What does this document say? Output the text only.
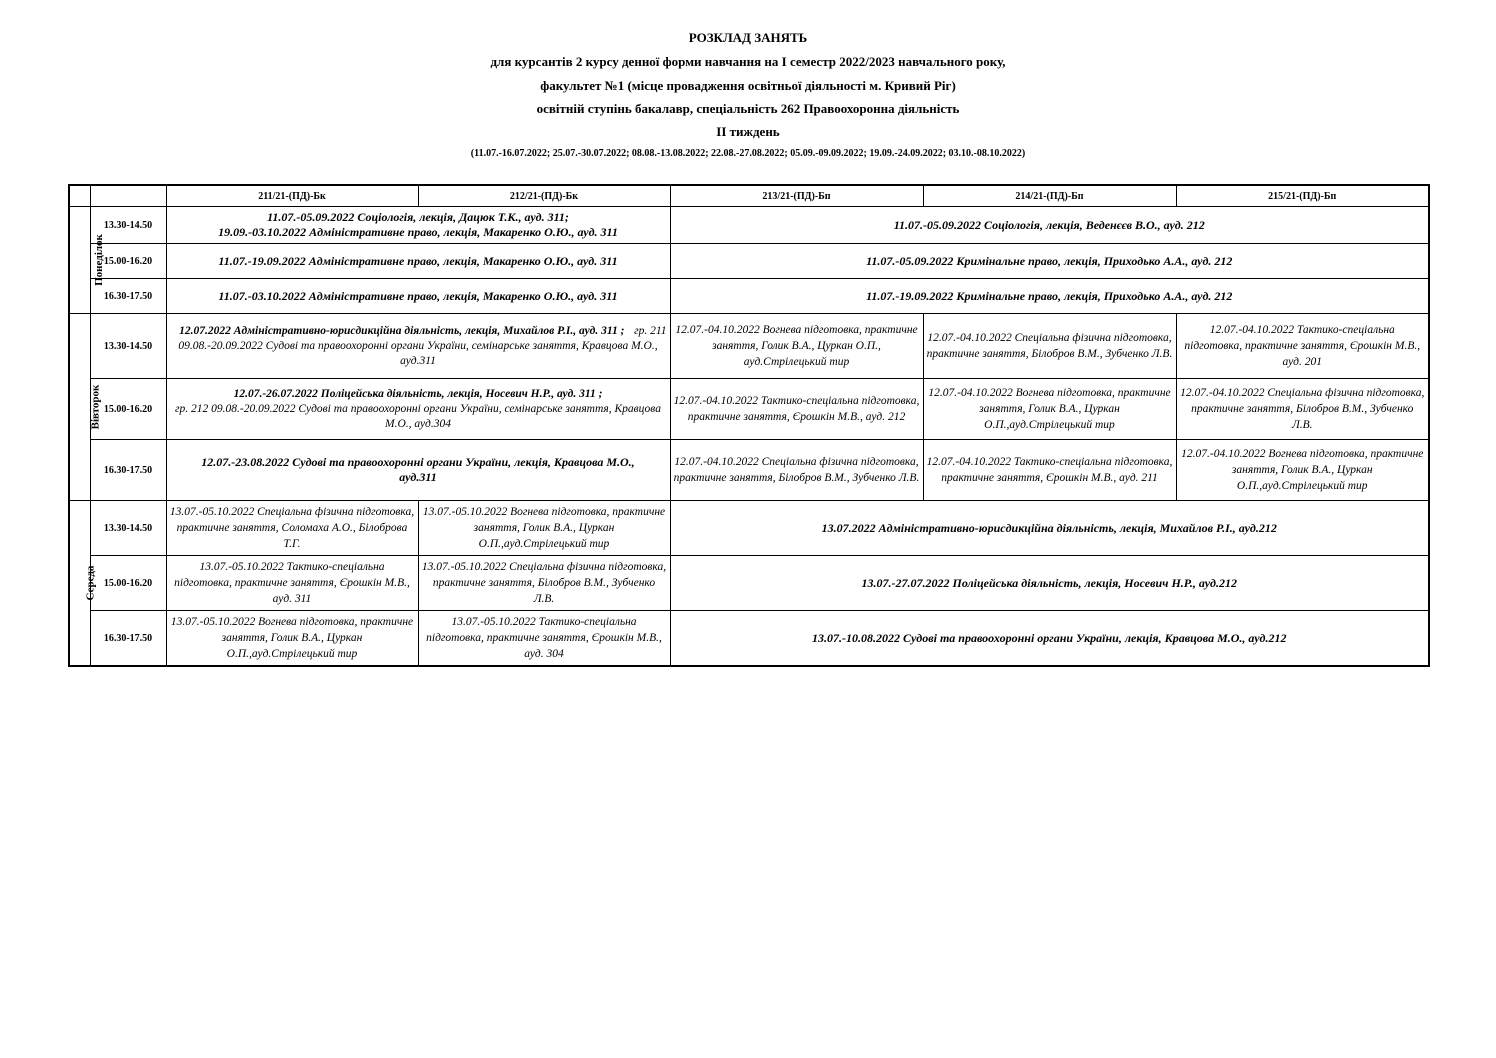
РОЗКЛАД ЗАНЯТЬ
для курсантів 2 курсу денної форми навчання на I семестр 2022/2023 навчального року,
факультет №1 (місце провадження освітньої діяльності м. Кривий Ріг)
освітній ступінь бакалавр, спеціальність 262 Правоохоронна діяльність
II тиждень
(11.07.-16.07.2022; 25.07.-30.07.2022; 08.08.-13.08.2022; 22.08.-27.08.2022; 05.09.-09.09.2022; 19.09.-24.09.2022; 03.10.-08.10.2022)
		211/21-(ПД)-Бк	212/21-(ПД)-Бк	213/21-(ПД)-Бп	214/21-(ПД)-Бп	215/21-(ПД)-Бп
Понеділок	13.30-14.50	11.07.-05.09.2022 Соціологія, лекція, Дацюк Т.К., ауд. 311;
19.09.-03.10.2022 Адміністративне право, лекція, Макаренко О.Ю., ауд. 311		11.07.-05.09.2022 Соціологія, лекція, Веденєєв В.О., ауд. 212		
	15.00-16.20	11.07.-19.09.2022 Адміністративне право, лекція, Макаренко О.Ю., ауд. 311		11.07.-05.09.2022 Кримінальне право, лекція, Приходько А.А., ауд. 212		
	16.30-17.50	11.07.-03.10.2022 Адміністративне право, лекція, Макаренко О.Ю., ауд. 311		11.07.-19.09.2022 Кримінальне право, лекція, Приходько А.А., ауд. 212		
Вівторок	13.30-14.50	12.07.2022 Адміністративно-юрисдикційна діяльність, лекція, Михайлов Р.І., ауд. 311 ; гр. 211
09.08.-20.09.2022 Судові та правоохоронні органи України, семінарське заняття, Кравцова М.О., ауд.311		12.07.-04.10.2022 Вогнева підготовка, практичне заняття, Голик В.А., Цуркан О.П., ауд.Стрілецький тир	12.07.-04.10.2022 Спеціальна фізична підготовка, практичне заняття, Білобров В.М., Зубченко Л.В.	12.07.-04.10.2022 Тактико-спеціальна підготовка, практичне заняття, Єрошкін М.В., ауд. 201
	15.00-16.20	12.07.-26.07.2022 Поліцейська діяльність, лекція, Носевич Н.Р., ауд. 311 ;
гр. 212 09.08.-20.09.2022 Судові та правоохоронні органи України, семінарське заняття, Кравцова М.О., ауд.304		12.07.-04.10.2022 Тактико-спеціальна підготовка, практичне заняття, Єрошкін М.В., ауд. 212	12.07.-04.10.2022 Вогнева підготовка, практичне заняття, Голик В.А., Цуркан О.П.,ауд.Стрілецький тир	12.07.-04.10.2022 Спеціальна фізична підготовка, практичне заняття, Білобров В.М., Зубченко Л.В.
	16.30-17.50	12.07.-23.08.2022 Судові та правоохоронні органи України, лекція, Кравцова М.О., ауд.311		12.07.-04.10.2022 Спеціальна фізична підготовка, практичне заняття, Білобров В.М., Зубченко Л.В.	12.07.-04.10.2022 Тактико-спеціальна підготовка, практичне заняття, Єрошкін М.В., ауд. 211	12.07.-04.10.2022 Вогнева підготовка, практичне заняття, Голик В.А., Цуркан О.П.,ауд.Стрілецький тир
Середа	13.30-14.50	13.07.-05.10.2022 Спеціальна фізична підготовка, практичне заняття, Соломаха А.О., Білоброва Т.Г.	13.07.-05.10.2022 Вогнева підготовка, практичне заняття, Голик В.А., Цуркан О.П.,ауд.Стрілецький тир	13.07.2022 Адміністративно-юрисдикційна діяльність, лекція, Михайлов Р.І., ауд.212		
	15.00-16.20	13.07.-05.10.2022 Тактико-спеціальна підготовка, практичне заняття, Єрошкін М.В., ауд. 311	13.07.-05.10.2022 Спеціальна фізична підготовка, практичне заняття, Білобров В.М., Зубченко Л.В.	13.07.-27.07.2022 Поліцейська діяльність, лекція, Носевич Н.Р., ауд.212		
	16.30-17.50	13.07.-05.10.2022 Вогнева підготовка, практичне заняття, Голик В.А., Цуркан О.П.,ауд.Стрілецький тир	13.07.-05.10.2022 Тактико-спеціальна підготовка, практичне заняття, Єрошкін М.В., ауд. 304	13.07.-10.08.2022 Судові та правоохоронні органи України, лекція, Кравцова М.О., ауд.212		
